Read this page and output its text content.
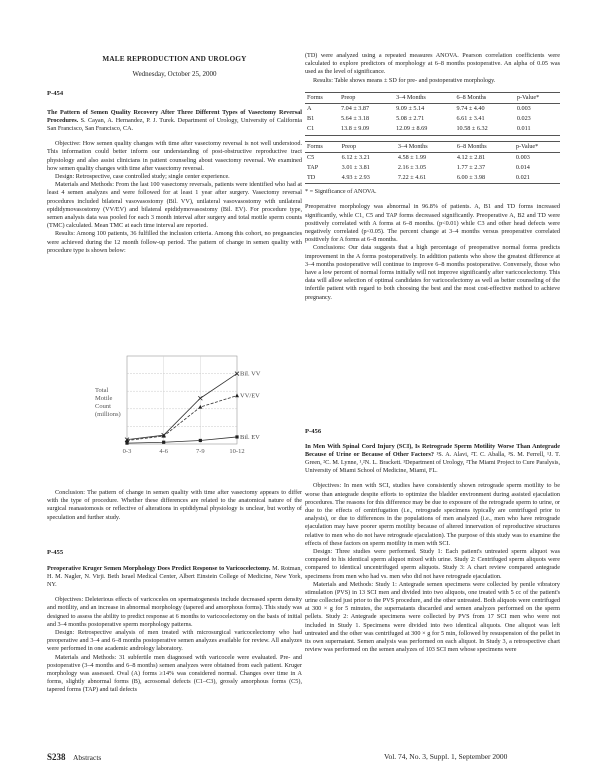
MALE REPRODUCTION AND UROLOGY
Wednesday, October 25, 2000
P-454

The Pattern of Semen Quality Recovery After Three Different Types of Vasectomy Reversal Procedures. S. Cayan, A. Hernandez, P. J. Turek. Department of Urology, University of California San Francisco, San Francisco, CA.

Objective: How semen quality changes with time after vasectomy reversal is not well understood. This information could better inform our understanding of post-obstructive reproductive tract physiology and also assist clinicians in patient counseling about vasectomy reversal. We examined how semen quality changes with time after vasectomy reversal.

Design: Retrospective, case controlled study; single center experience.

Materials and Methods: From the last 100 vasectomy reversals, patients were identified who had at least 4 semen analyzes and were followed for at least 1 year after surgery. Vasectomy reversal procedures included bilateral vasovasostomy (Bil. VV), unilateral vasovasostomy with unilateral epididymovasostomy (VV/EV) and bilateral epididymovasostomy (Bil. EV). For procedure type, semen analysis data was pooled for each 3 month interval after surgery and total motile sperm counts (TMC) calculated. Mean TMC at each time interval are reported.

Results: Among 100 patients, 36 fulfilled the inclusion criteria. Among this cohort, no pregnancies were achieved during the 12 month follow-up period. The pattern of change in semen quality with procedure type is shown below:

0-3	4-6	7-9	10-12
Bil. VV
VV/EV
Bil. EV
Total Motile Count (millions)

Conclusion: The pattern of change in semen quality with time after vasectomy appears to differ with the type of procedure. Whether these differences are related to the anatomical nature of the surgical reanastomosis or reflective of alterations in epididymal physiology is unclear, but worthy of speculation and further study.

P-455

Preoperative Kruger Semen Morphology Does Predict Response to Varicocelectomy. M. Rotman, H. M. Nagler, N. Virji. Beth Israel Medical Center, Albert Einstein College of Medicine, New York, NY.

Objectives: Deleterious effects of varicoceles on spermatogenesis include decreased sperm density and motility, and an increase in abnormal morphology (tapered and amorphous forms). This study was designed to assess the ability to predict response at 6 months to varicocelectomy on the basis of initial and 3–4 months postoperative sperm morphology patterns.

Design: Retrospective analysis of men treated with microsurgical varicocelectomy who had preoperative and 3–4 and 6–8 months postoperative semen analyzes available for review. All analyzes were performed in one academic andrology laboratory.

Materials and Methods: 31 subfertile men diagnosed with varicocele were evaluated. Pre- and postoperative (3–4 months and 6–8 months) semen analyzes were obtained from each patient. Kruger morphology was assessed. Oval (A) forms ≥14% was considered normal. Changes over time in A forms, slightly abnormal forms (B), acrosomal defects (C1–C3), grossly amorphous forms (C5), tapered forms (TAP) and tail defects

(TD) were analyzed using a repeated measures ANOVA. Pearson correlation coefficients were calculated to explore predictors of morphology at 6–8 months postoperative. An alpha of 0.05 was used as the level of significance.

Results: Table shows means ± SD for pre- and postoperative morphology.

Forms	Preop	3–4 Months	6–8 Months	p-Value*
A	7.04 ± 3.87	9.09 ± 5.14	9.74 ± 4.40	0.003
B1	5.64 ± 3.18	5.08 ± 2.71	6.61 ± 3.41	0.023
C1	13.8 ± 9.09	12.09 ± 8.69	10.58 ± 6.32	0.011
Forms	Preop	3–4 Months	6–8 Months	p-Value*
C5	6.12 ± 3.21	4.58 ± 1.99	4.12 ± 2.81	0.003
TAP	3.01 ± 3.81	2.16 ± 3.05	1.77 ± 2.37	0.014
TD	4.93 ± 2.93	7.22 ± 4.61	6.00 ± 3.98	0.021

* = Significance of ANOVA.

Preoperative morphology was abnormal in 96.8% of patients. A, B1 and TD forms increased significantly, while C1, C5 and TAP forms decreased significantly. Preoperative A, B2 and TD were positively correlated with A forms at 6–8 months. (p<0.01) while C3 and other head defects were negatively correlated (p<0.05). The percent change at 3–4 months versus preoperative correlated positively for A forms at 6–8 months.

Conclusions: Our data suggests that a high percentage of preoperative normal forms predicts improvement in the A forms postoperatively. In addition patients who show the greatest difference at 3–4 months postoperative will continue to improve 6–8 months postoperative. Conversely, those who have a low percent of normal forms initially will not improve significantly after varicocelectomy. This data will allow selection of optimal candidates for varicocelectomy as well as better counseling of the infertile patient with regard to both choosing the best and the most cost-effective method to achieve pregnancy.

P-456

In Men With Spinal Cord Injury (SCI), Is Retrograde Sperm Motility Worse Than Antegrade Because of Urine or Because of Other Factors? ¹S. A. Alavi, ²T. C. Aballa, ³S. M. Ferrell, ¹J. T. Green, ²C. M. Lynne, ¹,²N. L. Brackett. ¹Department of Urology, ²The Miami Project to Cure Paralysis, University of Miami School of Medicine, Miami, FL.

Objectives: In men with SCI, studies have consistently shown retrograde sperm motility to be worse than antegrade despite efforts to optimize the bladder environment during assisted ejaculation procedures. The reasons for this difference may be due to exposure of the retrograde sperm to urine, or due to the effects of centrifugation (i.e., retrograde specimens typically are centrifuged prior to analysis), or due to differences in the populations of men analyzed (i.e., men who have retrograde ejaculation may have poorer sperm motility because of altered innervation of reproductive structures relative to men who do not have retrograde ejaculation). The purpose of this study was to examine the effects of these factors on sperm motility in men with SCI.

Design: Three studies were performed. Study 1: Each patient's untreated sperm aliquot was compared to his identical sperm aliquot mixed with urine. Study 2: Centrifuged sperm aliquots were compared to identical uncentrifuged sperm aliquots. Study 3: A chart review compared antegrade specimens from men who had vs. men who did not have retrograde ejaculation.

Materials and Methods: Study 1: Antegrade semen specimens were collected by penile vibratory stimulation (PVS) in 13 SCI men and divided into two aliquots, one treated with 5 cc of the patient's urine collected just prior to the PVS procedure, and the other untreated. Both aliquots were centrifuged at 300 × g for 5 minutes, the supernatants discarded and semen analyzes performed on the sperm pellets. Study 2: Antegrade specimens were collected by PVS from 17 SCI men who were not included in Study 1. Specimens were divided into two identical aliquots. One aliquot was left untreated and the other was centrifuged at 300 × g for 5 min, followed by resuspension of the pellet in its own supernatant. Semen analysis was performed on each aliquot. In Study 3, a retrospective chart review was performed on the semen analyzes of 103 SCI men whose specimens were

S238 Abstracts	Vol. 74, No. 3, Suppl. 1, September 2000
